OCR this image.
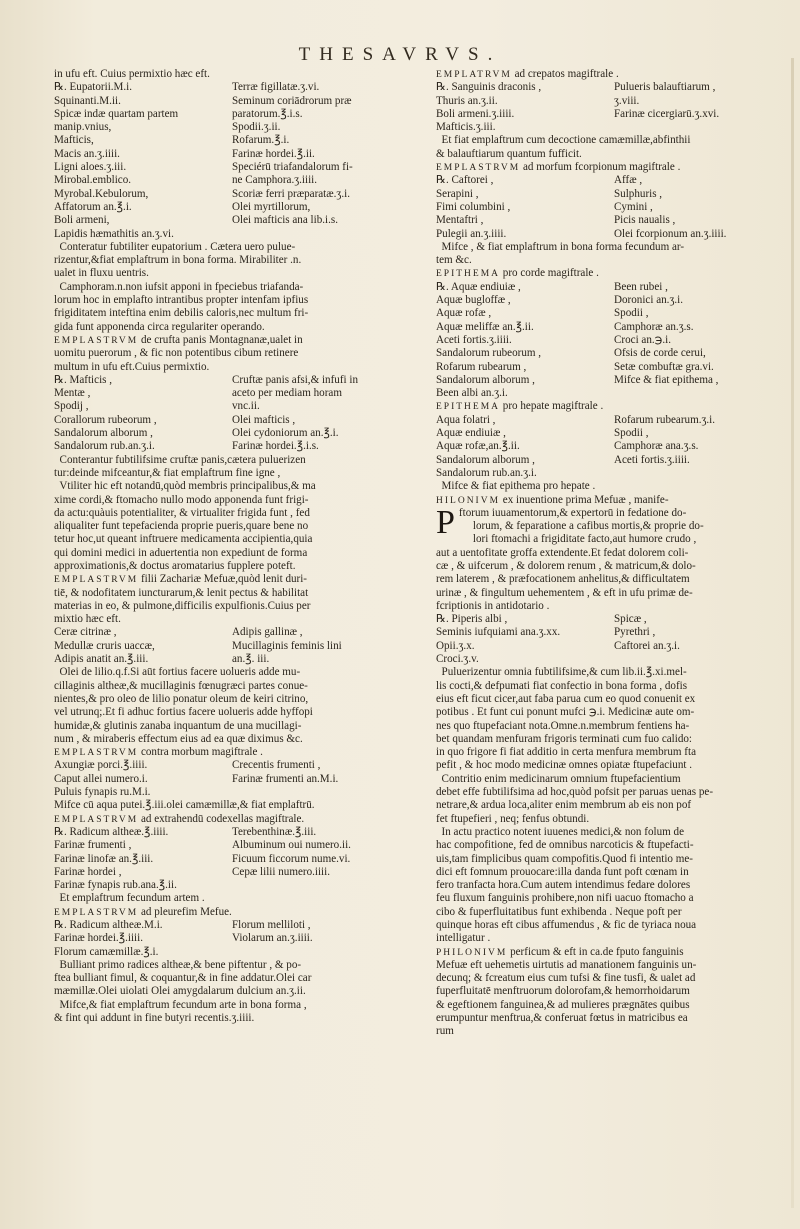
THESAVRVS.
in ufu eft. Cuius permixtio hæc eft.
℞. Eupatorii.M.i.	Terræ figillatæ.ʒ.vi.
Squinanti.M.ii.	Seminum coriādrorum præ
Spicæ indæ quartam partem	paratorum.℥.i.s.
manip.vnius,	Spodii.ʒ.ii.
Mafticis,	Rofarum.℥.i.
Macis an.ʒ.iiii.	Farinæ hordei.℥.ii.
Ligni aloes.ʒ.iii.	Speciérū triafandalorum fi-
Mirobal.emblico.	ne Camphora.ʒ.iiii.
Myrobal.Kebulorum,	Scoriæ ferri præparatæ.ʒ.i.
Affatorum an.℥.i.	Olei myrtillorum,
Boli armeni,	Olei mafticis ana lib.i.s.
Lapidis hæmathitis an.ʒ.vi.
Conteratur fubtiliter eupatorium . Cætera uero pulue-
rizentur,&fiat emplaftrum in bona forma. Mirabiliter .n.
ualet in fluxu uentris.
Camphoram.n.non iufsit apponi in fpeciebus triafanda-
lorum hoc in emplafto intrantibus propter intenfam ipfius
frigiditatem inteftina enim debilis caloris,nec multum fri-
gida funt apponenda circa regulariter operando.
EMPLASTRVM de crufta panis Montagnanæ,ualet in
uomitu puerorum , & fic non potentibus cibum retinere
multum in ufu eft.Cuius permixtio.
℞. Mafticis ,	Cruftæ panis afsi,& infufi in
Mentæ ,	aceto per mediam horam
Spodij ,	vnc.ii.
Corallorum rubeorum ,	Olei mafticis ,
Sandalorum alborum ,	Olei cydoniorum an.℥.i.
Sandalorum rub.an.ʒ.i.	Farinæ hordei.℥.i.s.
Conterantur fubtilifsime cruftæ panis,cætera puluerizen
tur:deinde mifceantur,& fiat emplaftrum fine igne ,
Vtiliter hic eft notandū,quòd membris principalibus,& ma
xime cordi,& ftomacho nullo modo apponenda funt frigi-
da actu:quàuis potentialiter, & virtualiter frigida funt , fed
aliqualiter funt tepefacienda proprie pueris,quare bene no
tetur hoc,ut queant inftruere medicamenta accipientia,quia
qui domini medici in aduertentia non expediunt de forma
approximationis,& doctus aromatarius fupplere poteft.
EMPLASTRVM filii Zachariæ Mefuæ,quòd lenit duri-
tiē, & nodofitatem iuncturarum,& lenit pectus & habilitat
materias in eo, & pulmone,difficilis expulfionis.Cuius per
mixtio hæc eft.
Ceræ citrinæ ,	Adipis gallinæ ,
Medullæ cruris uaccæ,	Mucillaginis feminis lini
Adipis anatit an.℥.iii.	an.℥. iii.
Olei de lilio.q.f.Si aūt fortius facere uolueris adde mu-
cillaginis altheæ,& mucillaginis fœnugræci partes conue-
nientes,& pro oleo de lilio ponatur oleum de keiri citrino,
vel utrunq;.Et fi adhuc fortius facere uolueris adde hyffopi
humidæ,& glutinis zanaba inquantum de una mucillagi-
num , & miraberis effectum eius ad ea quæ diximus &c.
EMPLASTRVM contra morbum magiftrale .
Axungiæ porci.℥.iiii.	Crecentis frumenti ,
Caput allei numero.i.	Farinæ frumenti an.M.i.
Puluis fynapis ru.M.i.
Mifce cū aqua putei.℥.iii.olei camæmillæ,& fiat emplaftrū.
EMPLASTRVM ad extrahendū codexellas magiftrale.
℞. Radicum altheæ.℥.iiii.	Terebenthinæ.℥.iii.
Farinæ frumenti ,	Albuminum oui numero.ii.
Farinæ linofæ an.℥.iii.	Ficuum ficcorum nume.vi.
Farinæ hordei ,	Cepæ lilii numero.iiii.
Farinæ fynapis rub.ana.℥.ii.
Et emplaftrum fecundum artem .
EMPLASTRVM ad pleurefim Mefue.
℞. Radicum altheæ.M.i.	Florum melliloti ,
Farinæ hordei.℥.iiii.	Violarum an.ʒ.iiii.
Florum camæmillæ.℥.i.
Bulliant primo radices altheæ,& bene piftentur , & po-
ftea bulliant fimul, & coquantur,& in fine addatur.Olei car
mæmillæ.Olei uiolati Olei amygdalarum dulcium an.ʒ.ii.
Mifce,& fiat emplaftrum fecundum arte in bona forma ,
& fint qui addunt in fine butyri recentis.ʒ.iiii.
EMPLATRVM ad crepatos magiftrale .
℞. Sanguinis draconis ,	Pulueris balauftiarum ,
Thuris an.ʒ.ii.	ʒ.viii.
Boli armeni.ʒ.iiii.	Farinæ cicergiarū.ʒ.xvi.
Mafticis.ʒ.iii.
Et fiat emplaftrum cum decoctione camæmillæ,abfinthii
& balauftiarum quantum fufficit.
EMPLASTRVM ad morfum fcorpionum magiftrale .
℞. Caftorei ,	Affæ ,
Serapini ,	Sulphuris ,
Fimi columbini ,	Cymini ,
Mentaftri ,	Picis naualis ,
Pulegii an.ʒ.iiii.	Olei fcorpionum an.ʒ.iiii.
Mifce , & fiat emplaftrum in bona forma fecundum ar-
tem &c.
EPITHEMA pro corde magiftrale .
℞. Aquæ endiuiæ ,	Been rubei ,
Aquæ bugloffæ ,	Doronici an.ʒ.i.
Aquæ rofæ ,	Spodii ,
Aquæ meliffæ an.℥.ii.	Camphoræ an.ʒ.s.
Aceti fortis.ʒ.iiii.	Croci an.℈.i.
Sandalorum rubeorum ,	Ofsis de corde cerui,
Rofarum rubearum ,	Setæ combuftæ gra.vi.
Sandalorum alborum ,	Mifce & fiat epithema ,
Been albi an.ʒ.i.
EPITHEMA pro hepate magiftrale .
Aqua folatri ,	Rofarum rubearum.ʒ.i.
Aquæ endiuiæ ,	Spodii ,
Aquæ rofæ,an.℥.ii.	Camphoræ ana.ʒ.s.
Sandalorum alborum ,	Aceti fortis.ʒ.iiii.
Sandalorum rub.an.ʒ.i.
Mifce & fiat epithema pro hepate .
HILONIVM ex inuentione prima Mefuæ , manife-
Pftorum iuuamentorum,& expertorū in fedatione do-
lorum, & feparatione a cafibus mortis,& proprie do-
lori ftomachi a frigiditate facto,aut humore crudo ,
aut a uentofitate groffa extendente.Et fedat dolorem coli-
cæ , & uifcerum , & dolorem renum , & matricum,& dolo-
rem laterem , & præfocationem anhelitus,& difficultatem
urinæ , & fingultum uehementem , & eft in ufu primæ de-
fcriptionis in antidotario .
℞. Piperis albi ,	Spicæ ,
Seminis iufquiami ana.ʒ.xx.	Pyrethri ,
Opii.ʒ.x.	Caftorei an.ʒ.i.
Croci.ʒ.v.
Puluerizentur omnia fubtilifsime,& cum lib.ii.℥.xi.mel-
lis cocti,& defpumati fiat confectio in bona forma , dofis
eius eft ficut cicer,aut faba parua cum eo quod conuenit ex
potibus . Et funt cui ponunt mufci ℈.i. Medicinæ aute om-
nes quo ftupefaciant nota.Omne.n.membrum fentiens ha-
bet quandam menfuram frigoris terminati cum fuo calido:
in quo frigore fi fiat additio in certa menfura membrum fta
pefit , & hoc modo medicinæ omnes opiatæ ftupefaciunt .
Contritio enim medicinarum omnium ftupefacientium
debet effe fubtilifsima ad hoc,quòd pofsit per paruas uenas pe-
netrare,& ardua loca,aliter enim membrum ab eis non pof
fet ftupefieri , neq; fenfus obtundi.
In actu practico notent iuuenes medici,& non folum de
hac compofitione, fed de omnibus narcoticis & ftupefacti-
uis,tam fimplicibus quam compofitis.Quod fi intentio me-
dici eft fomnum prouocare:illa danda funt poft cœnam in
fero tranfacta hora.Cum autem intendimus fedare dolores
feu fluxum fanguinis prohibere,non nifi uacuo ftomacho a
cibo & fuperfluitatibus funt exhibenda . Neque poft per
quinque horas eft cibus affumendus , & fic de tyriaca noua
intelligatur .
PHILONIVM perficum & eft in ca.de fputo fanguinis
Mefuæ eft uehemetis uirtutis ad manationem fanguinis un-
decunq; & fcreatum eius cum tufsi & fine tusfi, & ualet ad
fuperfluitatē menftruorum dolorofam,& hemorrhoidarum
& egeftionem fanguinea,& ad mulieres prægnātes quibus
erumpuntur menftrua,& conferuat fœtus in matricibus ea
rum
